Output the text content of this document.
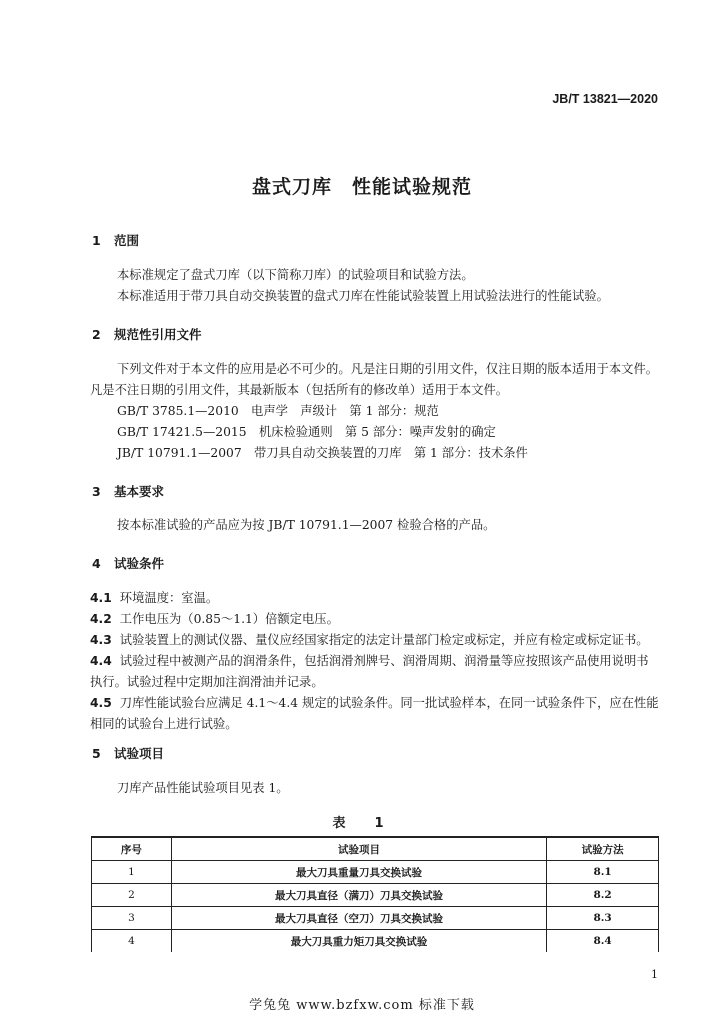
JB/T 13821—2020
盘式刀库　性能试验规范
1 范围
本标准规定了盘式刀库（以下简称刀库）的试验项目和试验方法。
本标准适用于带刀具自动交换装置的盘式刀库在性能试验装置上用试验法进行的性能试验。
2 规范性引用文件
下列文件对于本文件的应用是必不可少的。凡是注日期的引用文件，仅注日期的版本适用于本文件。凡是不注日期的引用文件，其最新版本（包括所有的修改单）适用于本文件。
GB/T 3785.1—2010　电声学　声级计　第 1 部分：规范
GB/T 17421.5—2015　机床检验通则　第 5 部分：噪声发射的确定
JB/T 10791.1—2007　带刀具自动交换装置的刀库　第 1 部分：技术条件
3 基本要求
按本标准试验的产品应为按 JB/T 10791.1—2007 检验合格的产品。
4 试验条件
4.1 环境温度：室温。
4.2 工作电压为（0.85～1.1）倍额定电压。
4.3 试验装置上的测试仪器、量仪应经国家指定的法定计量部门检定或标定，并应有检定或标定证书。
4.4 试验过程中被测产品的润滑条件，包括润滑剂牌号、润滑周期、润滑量等应按照该产品使用说明书执行。试验过程中定期加注润滑油并记录。
4.5 刀库性能试验台应满足 4.1～4.4 规定的试验条件。同一批试验样本，在同一试验条件下，应在性能相同的试验台上进行试验。
5 试验项目
刀库产品性能试验项目见表 1。
表　1
序号	试验项目	试验方法
1	最大刀具重量刀具交换试验	8.1
2	最大刀具直径（满刀）刀具交换试验	8.2
3	最大刀具直径（空刀）刀具交换试验	8.3
4	最大刀具重力矩刀具交换试验	8.4
1
学兔兔 www.bzfxw.com 标准下载
